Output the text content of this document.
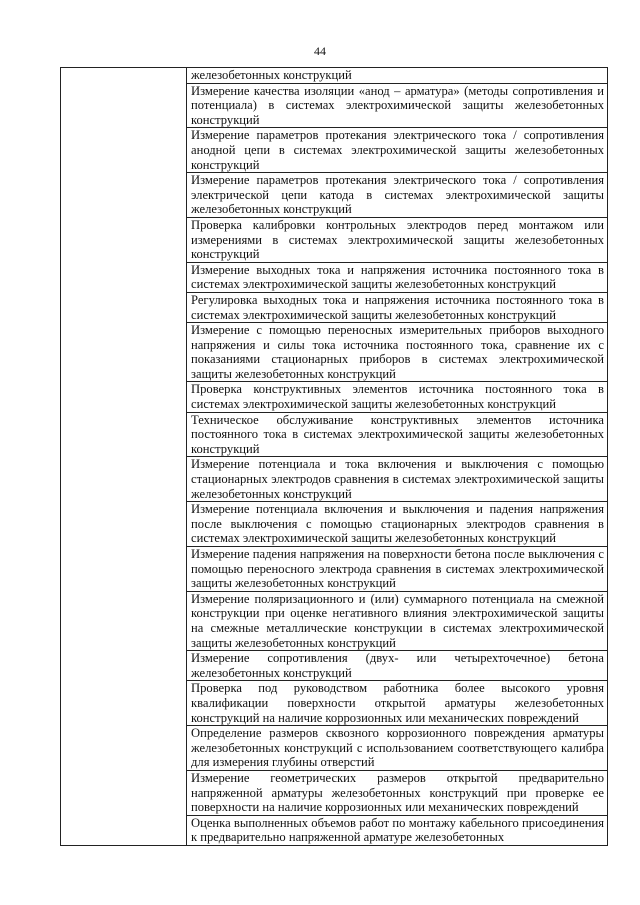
44
	железобетонных конструкций
Измерение качества изоляции «анод – арматура» (методы сопротивления и потенциала) в системах электрохимической защиты железобетонных конструкций
Измерение параметров протекания электрического тока / сопротивления анодной цепи в системах электрохимической защиты железобетонных конструкций
Измерение параметров протекания электрического тока / сопротивления электрической цепи катода в системах электрохимической защиты железобетонных конструкций
Проверка калибровки контрольных электродов перед монтажом или измерениями в системах электрохимической защиты железобетонных конструкций
Измерение выходных тока и напряжения источника постоянного тока в системах электрохимической защиты железобетонных конструкций
Регулировка выходных тока и напряжения источника постоянного тока в системах электрохимической защиты железобетонных конструкций
Измерение с помощью переносных измерительных приборов выходного напряжения и силы тока источника постоянного тока, сравнение их с показаниями стационарных приборов в системах электрохимической защиты железобетонных конструкций
Проверка конструктивных элементов источника постоянного тока в системах электрохимической защиты железобетонных конструкций
Техническое обслуживание конструктивных элементов источника постоянного тока в системах электрохимической защиты железобетонных конструкций
Измерение потенциала и тока включения и выключения с помощью стационарных электродов сравнения в системах электрохимической защиты железобетонных конструкций
Измерение потенциала включения и выключения и падения напряжения после выключения с помощью стационарных электродов сравнения в системах электрохимической защиты железобетонных конструкций
Измерение падения напряжения на поверхности бетона после выключения с помощью переносного электрода сравнения в системах электрохимической защиты железобетонных конструкций
Измерение поляризационного и (или) суммарного потенциала на смежной конструкции при оценке негативного влияния электрохимической защиты на смежные металлические конструкции в системах электрохимической защиты железобетонных конструкций
Измерение сопротивления (двух- или четырехточечное) бетона железобетонных конструкций
Проверка под руководством работника более высокого уровня квалификации поверхности открытой арматуры железобетонных конструкций на наличие коррозионных или механических повреждений
Определение размеров сквозного коррозионного повреждения арматуры железобетонных конструкций с использованием соответствующего калибра для измерения глубины отверстий
Измерение геометрических размеров открытой предварительно напряженной арматуры железобетонных конструкций при проверке ее поверхности на наличие коррозионных или механических повреждений
Оценка выполненных объемов работ по монтажу кабельного присоединения к предварительно напряженной арматуре железобетонных
